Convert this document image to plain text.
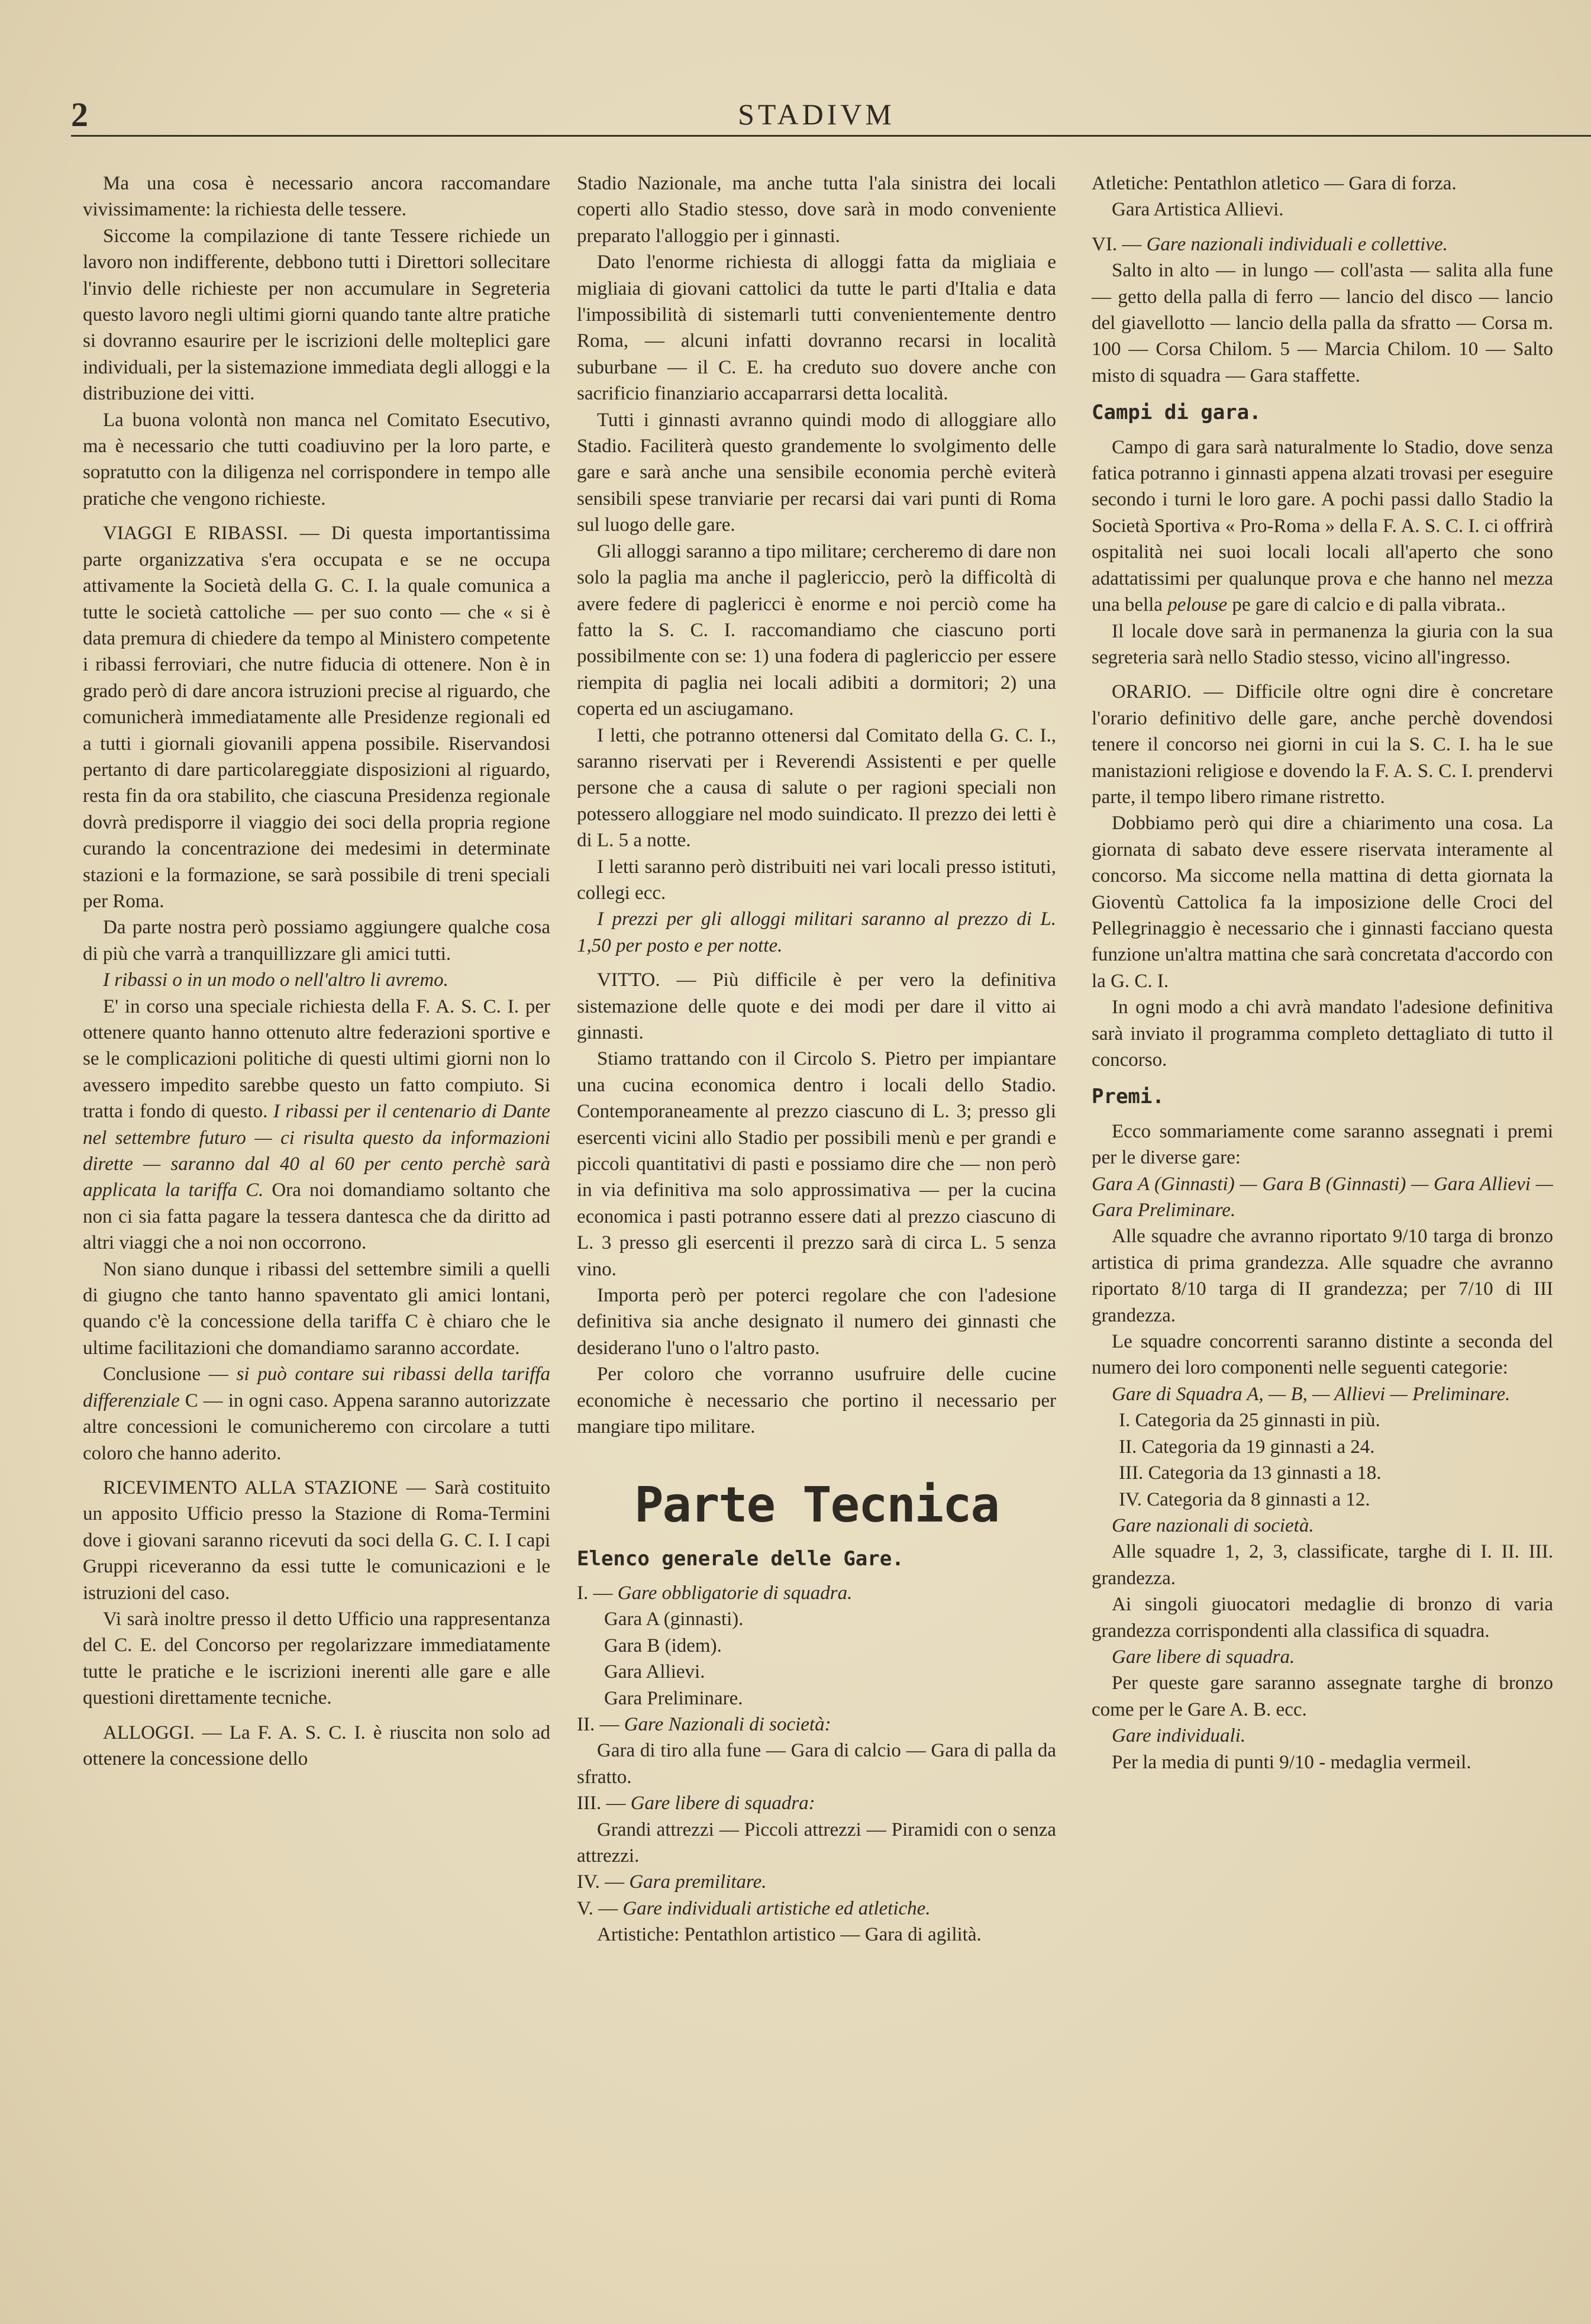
2	STADIVM

Ma una cosa è necessario ancora raccomandare vivissimamente: la richiesta delle tessere.

Siccome la compilazione di tante Tessere richiede un lavoro non indifferente, debbono tutti i Direttori sollecitare l'invio delle richieste per non accumulare in Segreteria questo lavoro negli ultimi giorni quando tante altre pratiche si dovranno esaurire per le iscrizioni delle molteplici gare individuali, per la sistemazione immediata degli alloggi e la distribuzione dei vitti.

La buona volontà non manca nel Comitato Esecutivo, ma è necessario che tutti coadiuvino per la loro parte, e sopratutto con la diligenza nel corrispondere in tempo alle pratiche che vengono richieste.

VIAGGI E RIBASSI. — Di questa importantissima parte organizzativa s'era occupata e se ne occupa attivamente la Società della G. C. I. la quale comunica a tutte le società cattoliche — per suo conto — che « si è data premura di chiedere da tempo al Ministero competente i ribassi ferroviari, che nutre fiducia di ottenere. Non è in grado però di dare ancora istruzioni precise al riguardo, che comunicherà immediatamente alle Presidenze regionali ed a tutti i giornali giovanili appena possibile. Riservandosi pertanto di dare particolareggiate disposizioni al riguardo, resta fin da ora stabilito, che ciascuna Presidenza regionale dovrà predisporre il viaggio dei soci della propria regione curando la concentrazione dei medesimi in determinate stazioni e la formazione, se sarà possibile di treni speciali per Roma.

Da parte nostra però possiamo aggiungere qualche cosa di più che varrà a tranquillizzare gli amici tutti.

I ribassi o in un modo o nell'altro li avremo.

E' in corso una speciale richiesta della F. A. S. C. I. per ottenere quanto hanno ottenuto altre federazioni sportive e se le complicazioni politiche di questi ultimi giorni non lo avessero impedito sarebbe questo un fatto compiuto. Si tratta i fondo di questo. I ribassi per il centenario di Dante nel settembre futuro — ci risulta questo da informazioni dirette — saranno dal 40 al 60 per cento perchè sarà applicata la tariffa C. Ora noi domandiamo soltanto che non ci sia fatta pagare la tessera dantesca che da diritto ad altri viaggi che a noi non occorrono.

Non siano dunque i ribassi del settembre simili a quelli di giugno che tanto hanno spaventato gli amici lontani, quando c'è la concessione della tariffa C è chiaro che le ultime facilitazioni che domandiamo saranno accordate.

Conclusione — si può contare sui ribassi della tariffa differenziale C — in ogni caso. Appena saranno autorizzate altre concessioni le comunicheremo con circolare a tutti coloro che hanno aderito.

RICEVIMENTO ALLA STAZIONE — Sarà costituito un apposito Ufficio presso la Stazione di Roma-Termini dove i giovani saranno ricevuti da soci della G. C. I. I capi Gruppi riceveranno da essi tutte le comunicazioni e le istruzioni del caso.

Vi sarà inoltre presso il detto Ufficio una rappresentanza del C. E. del Concorso per regolarizzare immediatamente tutte le pratiche e le iscrizioni inerenti alle gare e alle questioni direttamente tecniche.

ALLOGGI. — La F. A. S. C. I. è riuscita non solo ad ottenere la concessione dello

Stadio Nazionale, ma anche tutta l'ala sinistra dei locali coperti allo Stadio stesso, dove sarà in modo conveniente preparato l'alloggio per i ginnasti.

Dato l'enorme richiesta di alloggi fatta da migliaia e migliaia di giovani cattolici da tutte le parti d'Italia e data l'impossibilità di sistemarli tutti convenientemente dentro Roma, — alcuni infatti dovranno recarsi in località suburbane — il C. E. ha creduto suo dovere anche con sacrificio finanziario accaparrarsi detta località.

Tutti i ginnasti avranno quindi modo di alloggiare allo Stadio. Faciliterà questo grandemente lo svolgimento delle gare e sarà anche una sensibile economia perchè eviterà sensibili spese tranviarie per recarsi dai vari punti di Roma sul luogo delle gare.

Gli alloggi saranno a tipo militare; cercheremo di dare non solo la paglia ma anche il paglericcio, però la difficoltà di avere federe di paglericci è enorme e noi perciò come ha fatto la S. C. I. raccomandiamo che ciascuno porti possibilmente con se: 1) una fodera di paglericcio per essere riempita di paglia nei locali adibiti a dormitori; 2) una coperta ed un asciugamano.

I letti, che potranno ottenersi dal Comitato della G. C. I., saranno riservati per i Reverendi Assistenti e per quelle persone che a causa di salute o per ragioni speciali non potessero alloggiare nel modo suindicato. Il prezzo dei letti è di L. 5 a notte.

I letti saranno però distribuiti nei vari locali presso istituti, collegi ecc.

I prezzi per gli alloggi militari saranno al prezzo di L. 1,50 per posto e per notte.

VITTO. — Più difficile è per vero la definitiva sistemazione delle quote e dei modi per dare il vitto ai ginnasti.

Stiamo trattando con il Circolo S. Pietro per impiantare una cucina economica dentro i locali dello Stadio. Contemporaneamente al prezzo ciascuno di L. 3; presso gli esercenti vicini allo Stadio per possibili menù e per grandi e piccoli quantitativi di pasti e possiamo dire che — non però in via definitiva ma solo approssimativa — per la cucina economica i pasti potranno essere dati al prezzo ciascuno di L. 3 presso gli esercenti il prezzo sarà di circa L. 5 senza vino.

Importa però per poterci regolare che con l'adesione definitiva sia anche designato il numero dei ginnasti che desiderano l'uno o l'altro pasto.

Per coloro che vorranno usufruire delle cucine economiche è necessario che portino il necessario per mangiare tipo militare.

Parte Tecnica
Elenco generale delle Gare.

I. — Gare obbligatorie di squadra.

Gara A (ginnasti).

Gara B (idem).

Gara Allievi.

Gara Preliminare.

II. — Gare Nazionali di società:

Gara di tiro alla fune — Gara di calcio — Gara di palla da sfratto.

III. — Gare libere di squadra:

Grandi attrezzi — Piccoli attrezzi — Piramidi con o senza attrezzi.

IV. — Gara premilitare.

V. — Gare individuali artistiche ed atletiche.

Artistiche: Pentathlon artistico — Gara di agilità.

Atletiche: Pentathlon atletico — Gara di forza.

Gara Artistica Allievi.

VI. — Gare nazionali individuali e collettive.

Salto in alto — in lungo — coll'asta — salita alla fune — getto della palla di ferro — lancio del disco — lancio del giavellotto — lancio della palla da sfratto — Corsa m. 100 — Corsa Chilom. 5 — Marcia Chilom. 10 — Salto misto di squadra — Gara staffette.

Campi di gara.

Campo di gara sarà naturalmente lo Stadio, dove senza fatica potranno i ginnasti appena alzati trovasi per eseguire secondo i turni le loro gare. A pochi passi dallo Stadio la Società Sportiva « Pro-Roma » della F. A. S. C. I. ci offrirà ospitalità nei suoi locali locali all'aperto che sono adattatissimi per qualunque prova e che hanno nel mezza una bella pelouse pe gare di calcio e di palla vibrata..

Il locale dove sarà in permanenza la giuria con la sua segreteria sarà nello Stadio stesso, vicino all'ingresso.

ORARIO. — Difficile oltre ogni dire è concretare l'orario definitivo delle gare, anche perchè dovendosi tenere il concorso nei giorni in cui la S. C. I. ha le sue manistazioni religiose e dovendo la F. A. S. C. I. prendervi parte, il tempo libero rimane ristretto.

Dobbiamo però qui dire a chiarimento una cosa. La giornata di sabato deve essere riservata interamente al concorso. Ma siccome nella mattina di detta giornata la Gioventù Cattolica fa la imposizione delle Croci del Pellegrinaggio è necessario che i ginnasti facciano questa funzione un'altra mattina che sarà concretata d'accordo con la G. C. I.

In ogni modo a chi avrà mandato l'adesione definitiva sarà inviato il programma completo dettagliato di tutto il concorso.

Premi.

Ecco sommariamente come saranno assegnati i premi per le diverse gare:

Gara A (Ginnasti) — Gara B (Ginnasti) — Gara Allievi — Gara Preliminare.

Alle squadre che avranno riportato 9/10 targa di bronzo artistica di prima grandezza. Alle squadre che avranno riportato 8/10 targa di II grandezza; per 7/10 di III grandezza.

Le squadre concorrenti saranno distinte a seconda del numero dei loro componenti nelle seguenti categorie:

Gare di Squadra A, — B, — Allievi — Preliminare.

I. Categoria da 25 ginnasti in più.

II. Categoria da 19 ginnasti a 24.

III. Categoria da 13 ginnasti a 18.

IV. Categoria da 8 ginnasti a 12.

Gare nazionali di società.

Alle squadre 1, 2, 3, classificate, targhe di I. II. III. grandezza.

Ai singoli giuocatori medaglie di bronzo di varia grandezza corrispondenti alla classifica di squadra.

Gare libere di squadra.

Per queste gare saranno assegnate targhe di bronzo come per le Gare A. B. ecc.

Gare individuali.

Per la media di punti 9/10 - medaglia vermeil.
